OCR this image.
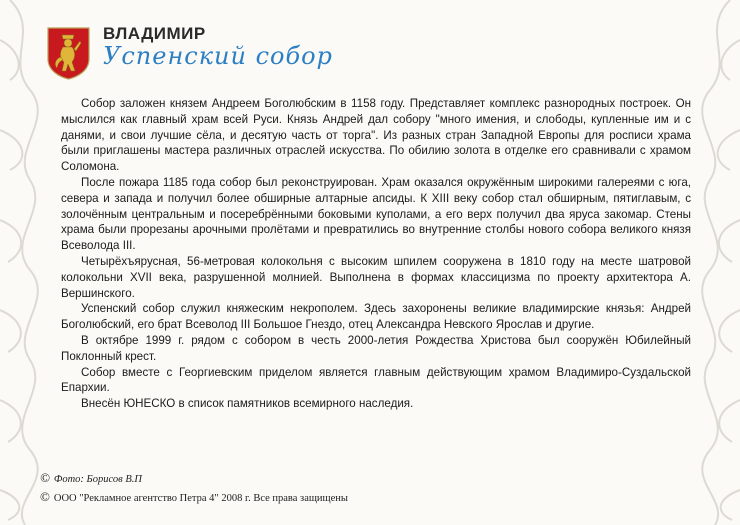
ВЛАДИМИР
Успенский собор

Собор заложен князем Андреем Боголюбским в 1158 году. Представляет комплекс разнородных построек. Он мыслился как главный храм всей Руси. Князь Андрей дал собору "много имения, и слободы, купленные им и с данями, и свои лучшие сёла, и десятую часть от торга". Из разных стран Западной Европы для росписи храма были приглашены мастера различных отраслей искусства. По обилию золота в отделке его сравнивали с храмом Соломона.

После пожара 1185 года собор был реконструирован. Храм оказался окружённым широкими галереями с юга, севера и запада и получил более обширные алтарные апсиды. К XIII веку собор стал обширным, пятиглавым, с золочённым центральным и посеребрёнными боковыми куполами, а его верх получил два яруса закомар. Стены храма были прорезаны арочными пролётами и превратились во внутренние столбы нового собора великого князя Всеволода III.

Четырёхъярусная, 56-метровая колокольня с высоким шпилем сооружена в 1810 году на месте шатровой колокольни XVII века, разрушенной молнией. Выполнена в формах классицизма по проекту архитектора А. Вершинского.

Успенский собор служил княжеским некрополем. Здесь захоронены великие владимирские князья: Андрей Боголюбский, его брат Всеволод III Большое Гнездо, отец Александра Невского Ярослав и другие.

В октябре 1999 г. рядом с собором в честь 2000-летия Рождества Христова был сооружён Юбилейный Поклонный крест.

Собор вместе с Георгиевским приделом является главным действующим храмом Владимиро-Суздальской Епархии.

Внесён ЮНЕСКО в список памятников всемирного наследия.

© Фото: Борисов В.П
© ООО "Рекламное агентство Петра 4" 2008 г. Все права защищены
